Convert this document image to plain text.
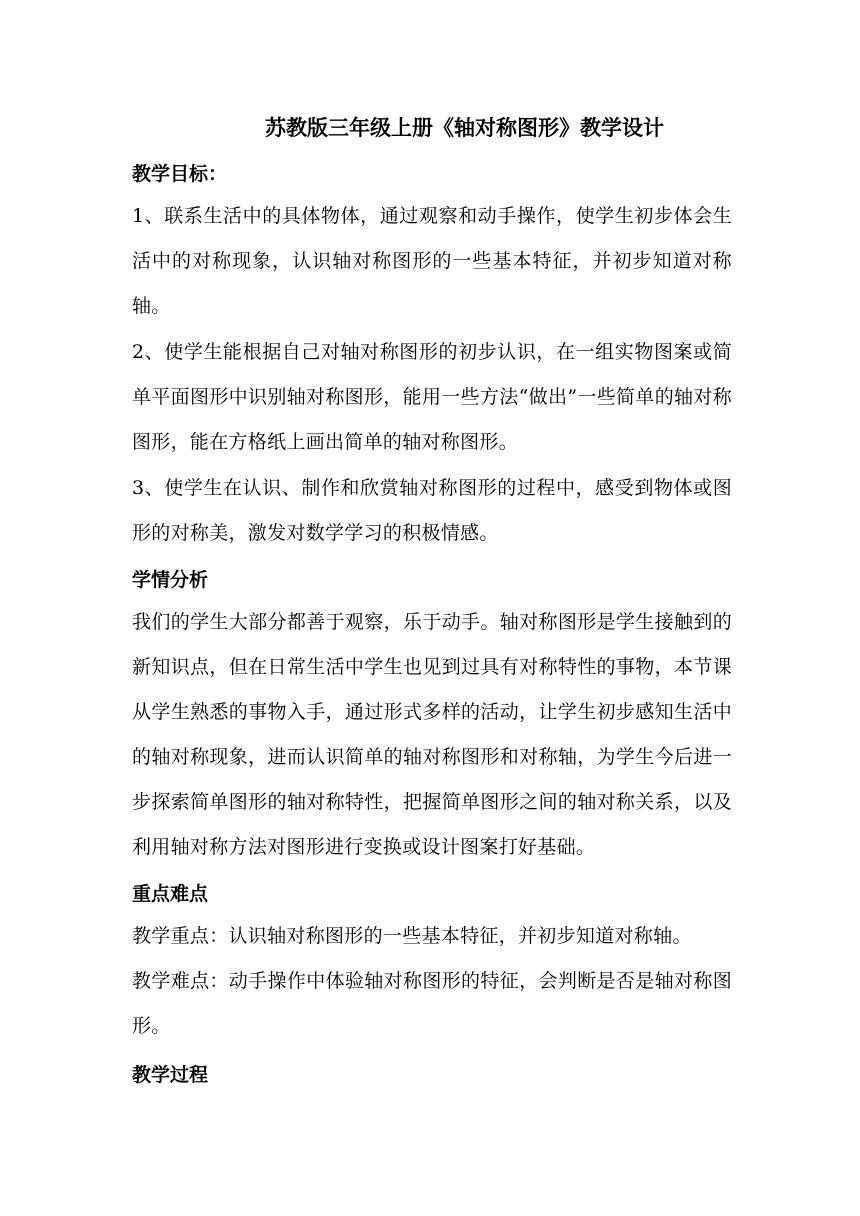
苏教版三年级上册《轴对称图形》教学设计
教学目标：
1、联系生活中的具体物体，通过观察和动手操作，使学生初步体会生活中的对称现象，认识轴对称图形的一些基本特征，并初步知道对称轴。
2、使学生能根据自己对轴对称图形的初步认识，在一组实物图案或简单平面图形中识别轴对称图形，能用一些方法“做出”一些简单的轴对称图形，能在方格纸上画出简单的轴对称图形。
3、使学生在认识、制作和欣赏轴对称图形的过程中，感受到物体或图形的对称美，激发对数学学习的积极情感。
学情分析
我们的学生大部分都善于观察，乐于动手。轴对称图形是学生接触到的新知识点，但在日常生活中学生也见到过具有对称特性的事物，本节课从学生熟悉的事物入手，通过形式多样的活动，让学生初步感知生活中的轴对称现象，进而认识简单的轴对称图形和对称轴，为学生今后进一步探索简单图形的轴对称特性，把握简单图形之间的轴对称关系，以及利用轴对称方法对图形进行变换或设计图案打好基础。
重点难点
教学重点：认识轴对称图形的一些基本特征，并初步知道对称轴。
教学难点：动手操作中体验轴对称图形的特征，会判断是否是轴对称图形。
教学过程
